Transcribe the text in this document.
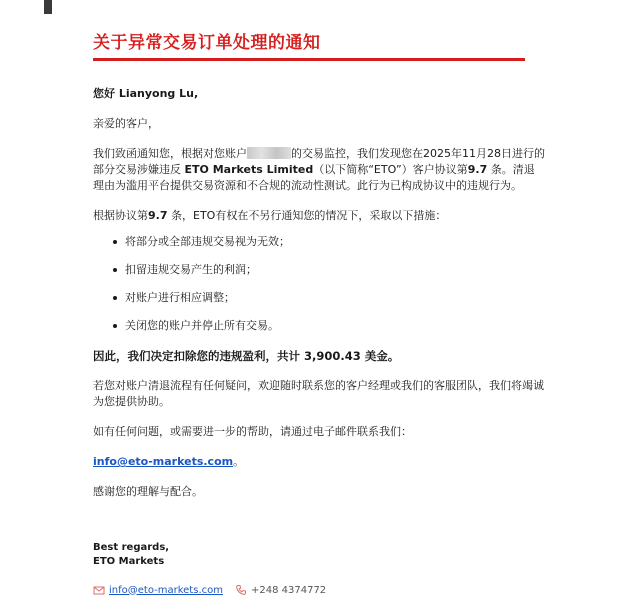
关于异常交易订单处理的通知

您好 Lianyong Lu,

亲爱的客户，

我们致函通知您，根据对您账户	的交易监控，我们发现您在2025年11月28日进行的部分交易涉嫌违反 ETO Markets Limited（以下简称“ETO”）客户协议第9.7 条。清退理由为滥用平台提供交易资源和不合规的流动性测试。此行为已构成协议中的违规行为。

根据协议第9.7 条，ETO有权在不另行通知您的情况下，采取以下措施：

将部分或全部违规交易视为无效；
扣留违规交易产生的利润；
对账户进行相应调整；
关闭您的账户并停止所有交易。

因此，我们决定扣除您的违规盈利，共计 3,900.43 美金。

若您对账户清退流程有任何疑问，欢迎随时联系您的客户经理或我们的客服团队，我们将竭诚为您提供协助。

如有任何问题，或需要进一步的帮助，请通过电子邮件联系我们：

info@eto-markets.com。

感谢您的理解与配合。

Best regards,
ETO Markets
info@eto-markets.com	+248 4374772
